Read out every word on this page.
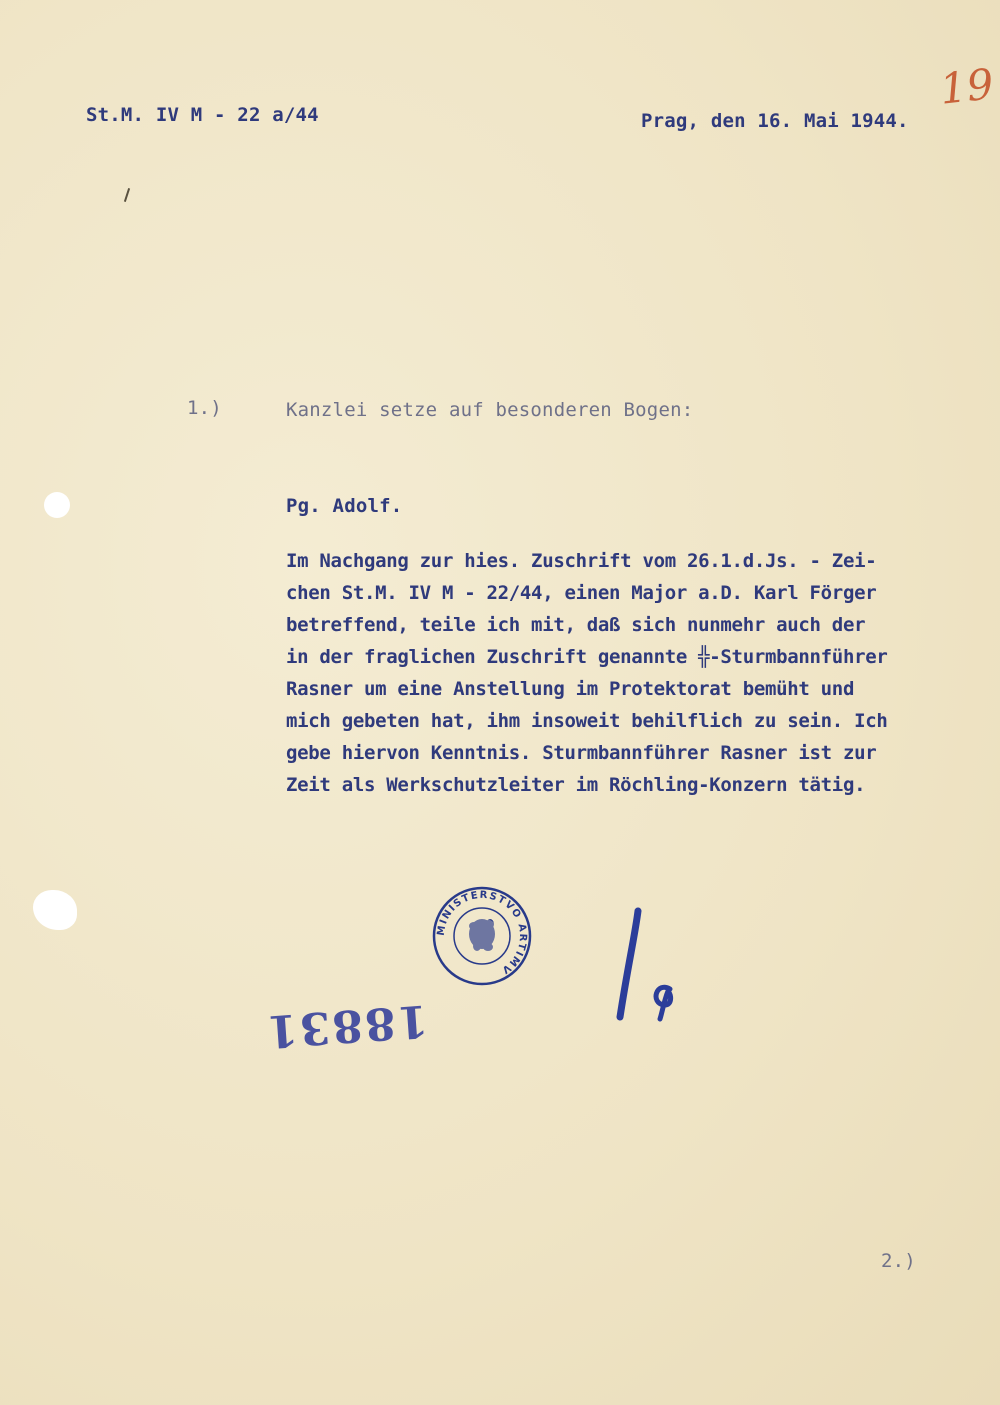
St.M. IV M - 22 a/44	Prag, den 16. Mai 1944.
19
1.)	Kanzlei setze auf besonderen Bogen:
Pg. Adolf.
Im Nachgang zur hies. Zuschrift vom 26.1.d.Js. - Zei-
chen St.M. IV M - 22/44, einen Major a.D. Karl Förger
betreffend, teile ich mit, daß sich nunmehr auch der
in der fraglichen Zuschrift genannte ╬-Sturmbannführer
Rasner um eine Anstellung im Protektorat bemüht und
mich gebeten hat, ihm insoweit behilflich zu sein. Ich
gebe hiervon Kenntnis. Sturmbannführer Rasner ist zur
Zeit als Werkschutzleiter im Röchling-Konzern tätig.
MINISTERSTVO ARTIMV
18831
2.)
